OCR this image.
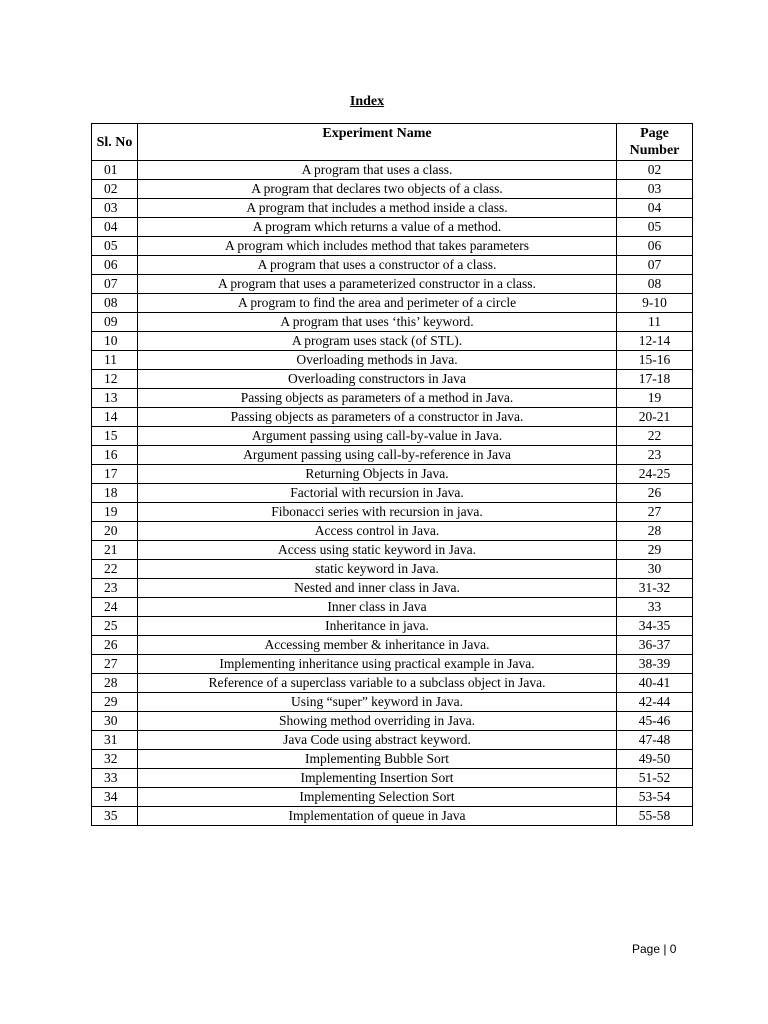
Index
Sl. No	Experiment Name	Page Number
01	A program that uses a class.	02
02	A program that declares two objects of a class.	03
03	A program that includes a method inside a class.	04
04	A program which returns a value of a method.	05
05	A program which includes method that takes parameters	06
06	A program that uses a constructor of a class.	07
07	A program that uses a parameterized constructor in a class.	08
08	A program to find the area and perimeter of a circle	9-10
09	A program that uses ‘this’ keyword.	11
10	A program uses stack (of STL).	12-14
11	Overloading methods in Java.	15-16
12	Overloading constructors in Java	17-18
13	Passing objects as parameters of a method in Java.	19
14	Passing objects as parameters of a constructor in Java.	20-21
15	Argument passing using call-by-value in Java.	22
16	Argument passing using call-by-reference in Java	23
17	Returning Objects in Java.	24-25
18	Factorial with recursion in Java.	26
19	Fibonacci series with recursion in java.	27
20	Access control in Java.	28
21	Access using static keyword in Java.	29
22	static keyword in Java.	30
23	Nested and inner class in Java.	31-32
24	Inner class in Java	33
25	Inheritance in java.	34-35
26	Accessing member & inheritance in Java.	36-37
27	Implementing inheritance using practical example in Java.	38-39
28	Reference of a superclass variable to a subclass object in Java.	40-41
29	Using “super” keyword in Java.	42-44
30	Showing method overriding in Java.	45-46
31	Java Code using abstract keyword.	47-48
32	Implementing Bubble Sort	49-50
33	Implementing Insertion Sort	51-52
34	Implementing Selection Sort	53-54
35	Implementation of queue in Java	55-58
Page | 0
